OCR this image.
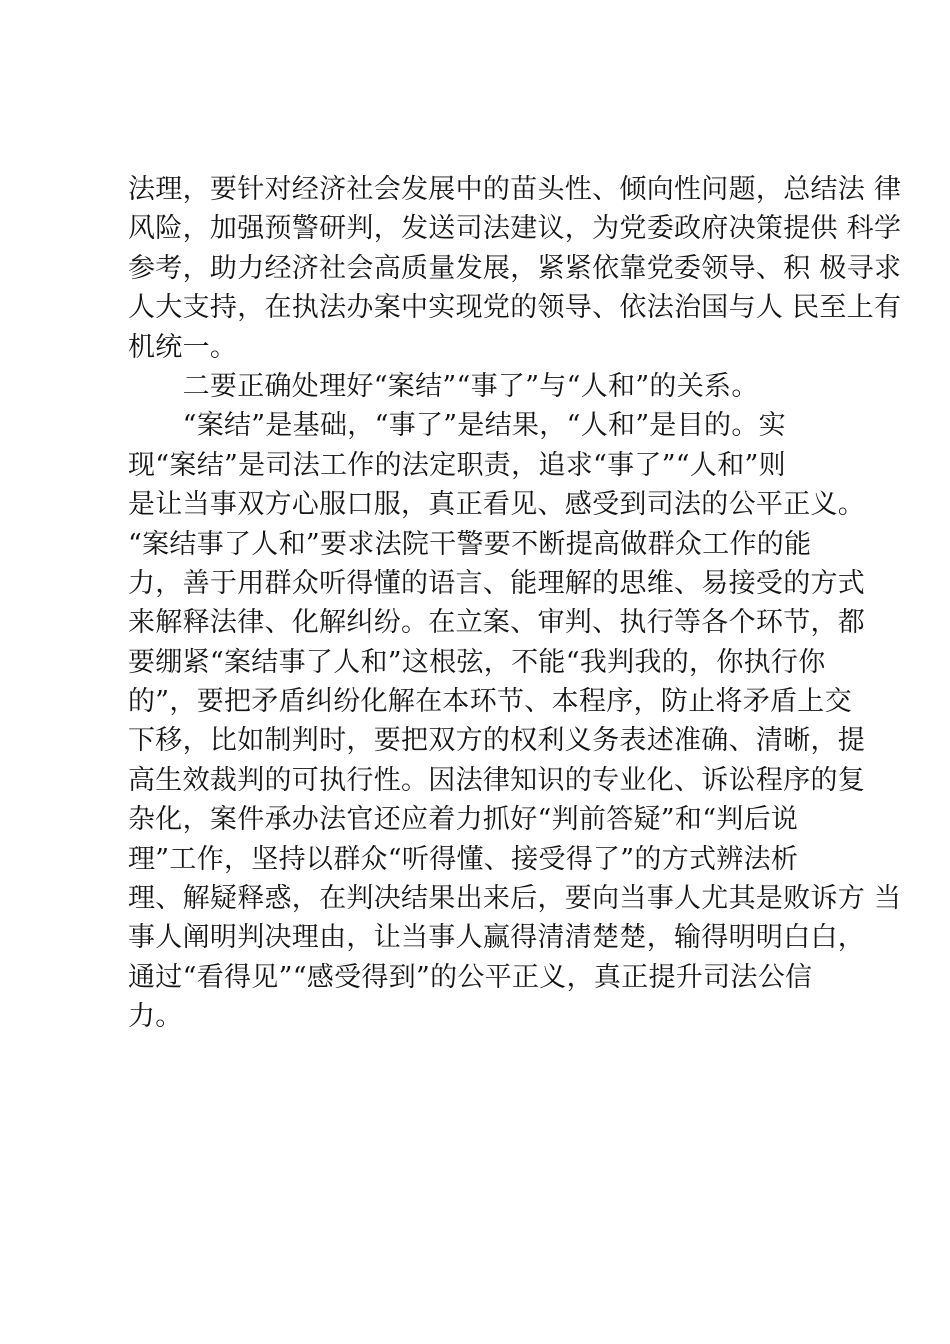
法理，要针对经济社会发展中的苗头性、倾向性问题，总结法 律
风险，加强预警研判，发送司法建议，为党委政府决策提供 科学
参考，助力经济社会高质量发展，紧紧依靠党委领导、积 极寻求
人大支持，在执法办案中实现党的领导、依法治国与人 民至上有
机统一。
　　二要正确处理好“案结”“事了”与“人和”的关系。
　　“案结”是基础，“事了”是结果，“人和”是目的。实
现“案结”是司法工作的法定职责，追求“事了”“人和”则
是让当事双方心服口服，真正看见、感受到司法的公平正义。
“案结事了人和”要求法院干警要不断提高做群众工作的能
力，善于用群众听得懂的语言、能理解的思维、易接受的方式
来解释法律、化解纠纷。在立案、审判、执行等各个环节，都
要绷紧“案结事了人和”这根弦，不能“我判我的，你执行你
的”，要把矛盾纠纷化解在本环节、本程序，防止将矛盾上交
下移，比如制判时，要把双方的权利义务表述准确、清晰，提
高生效裁判的可执行性。因法律知识的专业化、诉讼程序的复
杂化，案件承办法官还应着力抓好“判前答疑”和“判后说
理”工作，坚持以群众“听得懂、接受得了”的方式辨法析
理、解疑释惑，在判决结果出来后，要向当事人尤其是败诉方 当
事人阐明判决理由，让当事人赢得清清楚楚，输得明明白白，
通过“看得见”“感受得到”的公平正义，真正提升司法公信
力。
